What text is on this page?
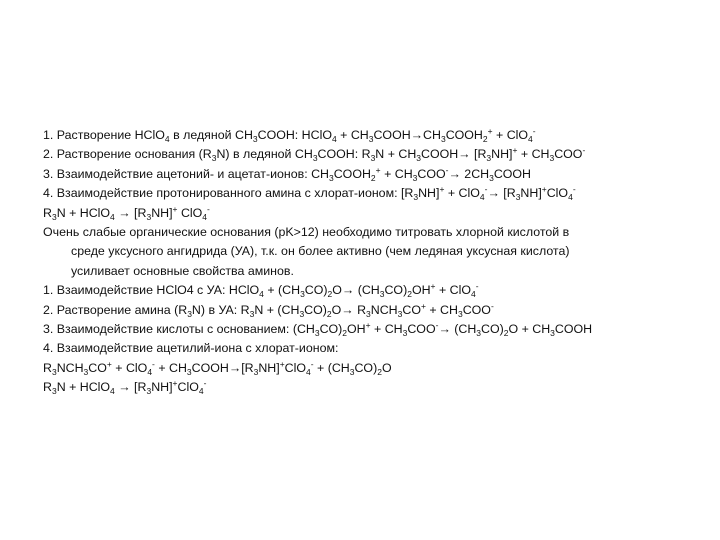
1. Растворение HClO$_4$ в ледяной $CH_3COOH$: HClO$_4$ + $CH_3COOH\to CH_3COOH_2^+ + ClO_4^-$
2. Растворение основания $(R_3N)$ в ледяной $CH_3COOH$: $R_3N$ + $CH_3COOH\to [R_3NH]^+ + CH_3COO^-$
3. Взаимодействие ацетоний- и ацетат-ионов: $CH_3COOH_2^+ + CH_3COO^-\to$ $2CH_3COOH$
4. Взаимодействие протонированного амина с хлорат-ионом: $[R_3NH]^+ + ClO_4^-\to [R_3NH]^+ClO_4^-$
$R_3N$ + HClO$_4$ → $[R_3NH]^+$ ClO$_4$-
Очень слабые органические основания (pK>12) необходимо титровать хлорной кислотой в
среде уксусного ангидрида (УА), т.к. он более активно (чем ледяная уксусная кислота)
усиливает основные свойства аминов.
1. Взаимодействие HClO4 с УА: HClO$_4$ + $(CH_3CO)_2O\to (CH_3CO)_2OH^+ + ClO_4^-$
2. Растворение амина $(R_3N)$ в УА: $R_3N + (CH_3CO)_2O\to R_3NCH_3CO^+ + CH_3COO^-$
3. Взаимодействие кислоты с основанием: $(CH_3CO)_2OH^+ + CH_3COO^-\to (CH_3CO)_2O$ + $CH_3COOH$
4. Взаимодействие ацетилий-иона с хлорат-ионом:
$R_3NCH_3CO^+ + ClO_4^-$ + $CH_3COOH\to[R_3NH]^+ClO_4^- + (CH_3CO)_2O$
$R_3N$ + HClO$_4$ → $[R_3NH]^+ClO_4^-$
